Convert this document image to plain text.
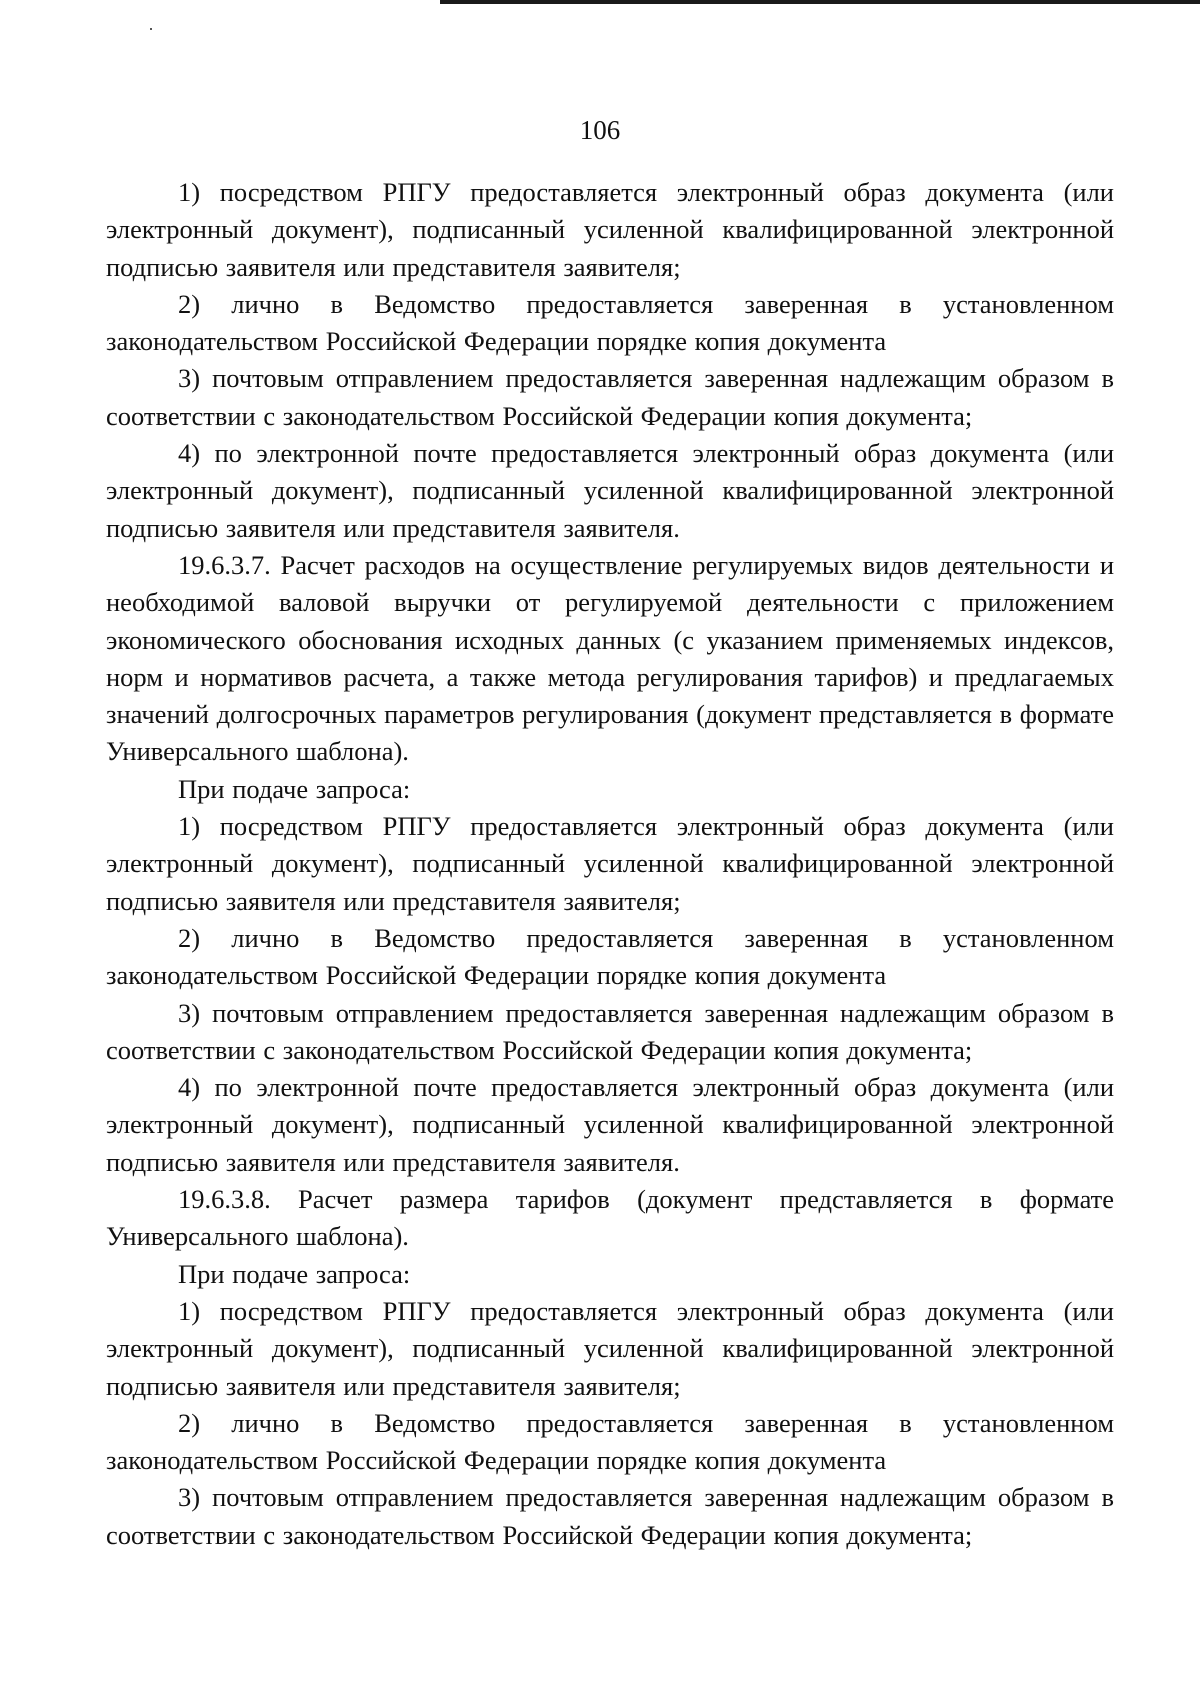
106

1) посредством РПГУ предоставляется электронный образ документа (или электронный документ), подписанный усиленной квалифицированной электронной подписью заявителя или представителя заявителя;

2) лично в Ведомство предоставляется заверенная в установленном законодательством Российской Федерации порядке копия документа

3) почтовым отправлением предоставляется заверенная надлежащим образом в соответствии с законодательством Российской Федерации копия документа;

4) по электронной почте предоставляется электронный образ документа (или электронный документ), подписанный усиленной квалифицированной электронной подписью заявителя или представителя заявителя.

19.6.3.7. Расчет расходов на осуществление регулируемых видов деятельности и необходимой валовой выручки от регулируемой деятельности с приложением экономического обоснования исходных данных (с указанием применяемых индексов, норм и нормативов расчета, а также метода регулирования тарифов) и предлагаемых значений долгосрочных параметров регулирования (документ представляется в формате Универсального шаблона).

При подаче запроса:

1) посредством РПГУ предоставляется электронный образ документа (или электронный документ), подписанный усиленной квалифицированной электронной подписью заявителя или представителя заявителя;

2) лично в Ведомство предоставляется заверенная в установленном законодательством Российской Федерации порядке копия документа

3) почтовым отправлением предоставляется заверенная надлежащим образом в соответствии с законодательством Российской Федерации копия документа;

4) по электронной почте предоставляется электронный образ документа (или электронный документ), подписанный усиленной квалифицированной электронной подписью заявителя или представителя заявителя.

19.6.3.8. Расчет размера тарифов (документ представляется в формате Универсального шаблона).

При подаче запроса:

1) посредством РПГУ предоставляется электронный образ документа (или электронный документ), подписанный усиленной квалифицированной электронной подписью заявителя или представителя заявителя;

2) лично в Ведомство предоставляется заверенная в установленном законодательством Российской Федерации порядке копия документа

3) почтовым отправлением предоставляется заверенная надлежащим образом в соответствии с законодательством Российской Федерации копия документа;
